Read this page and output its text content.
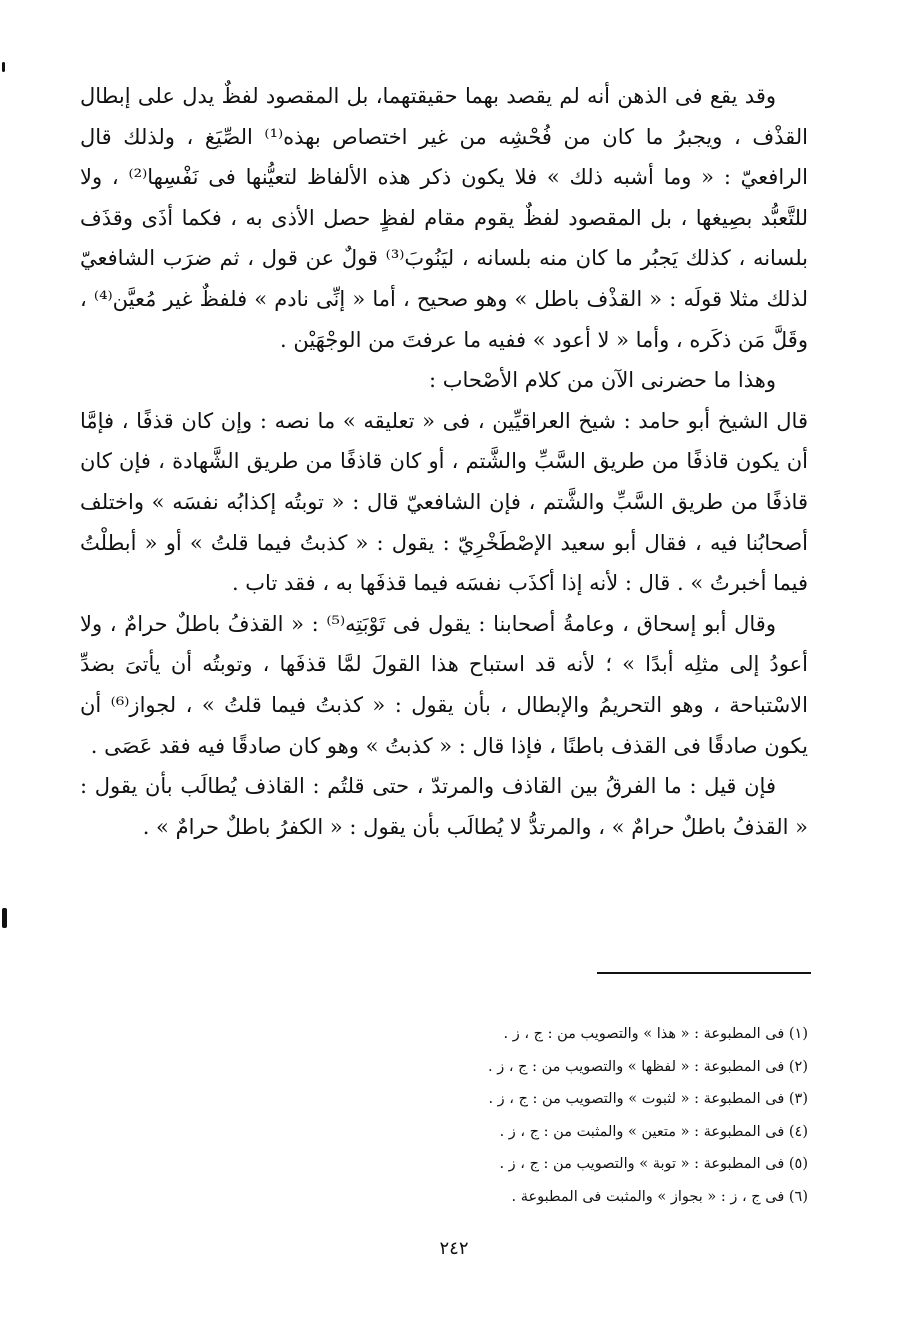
وقد يقع فى الذهن أنه لم يقصد بهما حقيقتهما، بل المقصود لفظٌ يدل على إبطال القذْف ، ويجبرُ ما كان من فُحْشِه من غير اختصاص بهذه⁽¹⁾ الصِّيَغ ، ولذلك قال الرافعيّ : « وما أشبه ذلك » فلا يكون ذكر هذه الألفاظ لتعيُّنها فى نَفْسِها⁽²⁾ ، ولا للتَّعبُّد بصِيغها ، بل المقصود لفظٌ يقوم مقام لفظٍ حصل الأذى به ، فكما أذَى وقذَف بلسانه ، كذلك يَجبُر ما كان منه بلسانه ، ليَنُوبَ⁽³⁾ قولٌ عن قول ، ثم ضرَب الشافعيّ لذلك مثلا قولَه : « القذْف باطل » وهو صحيح ، أما « إنِّى نادم » فلفظٌ غير مُعيَّن⁽⁴⁾ ، وقَلَّ مَن ذكَره ، وأما « لا أعود » ففيه ما عرفتَ من الوجْهَيْن .

وهذا ما حضرنى الآن من كلام الأصْحاب :

قال الشيخ أبو حامد : شيخ العراقيِّين ، فى « تعليقه » ما نصه : وإن كان قذفًا ، فإمَّا أن يكون قاذفًا من طريق السَّبِّ والشَّتم ، أو كان قاذفًا من طريق الشَّهادة ، فإن كان قاذفًا من طريق السَّبِّ والشَّتم ، فإن الشافعيّ قال : « توبتُه إكذابُه نفسَه » واختلف أصحابُنا فيه ، فقال أبو سعيد الإصْطَخْرِيّ : يقول : « كذبتُ فيما قلتُ » أو « أبطلْتُ فيما أخبرتُ » . قال : لأنه إذا أكذَب نفسَه فيما قذفَها به ، فقد تاب .

وقال أبو إسحاق ، وعامةُ أصحابنا : يقول فى تَوْبَتِه⁽⁵⁾ : « القذفُ باطلٌ حرامٌ ، ولا أعودُ إلى مثلِه أبدًا » ؛ لأنه قد استباح هذا القولَ لمَّا قذفَها ، وتوبتُه أن يأتىَ بضدِّ الاسْتباحة ، وهو التحريمُ والإبطال ، بأن يقول : « كذبتُ فيما قلتُ » ، لجواز⁽⁶⁾ أن يكون صادقًا فى القذف باطنًا ، فإذا قال : « كذبتُ » وهو كان صادقًا فيه فقد عَصَى .

فإن قيل : ما الفرقُ بين القاذف والمرتدّ ، حتى قلتُم : القاذف يُطالَب بأن يقول : « القذفُ باطلٌ حرامٌ » ، والمرتدُّ لا يُطالَب بأن يقول : « الكفرُ باطلٌ حرامٌ » .

(١) فى المطبوعة : « هذا » والتصويب من : ج ، ز .
(٢) فى المطبوعة : « لفظها » والتصويب من : ج ، ز .
(٣) فى المطبوعة : « لثبوت » والتصويب من : ج ، ز .
(٤) فى المطبوعة : « متعين » والمثبت من : ج ، ز .
(٥) فى المطبوعة : « توبة » والتصويب من : ج ، ز .
(٦) فى ج ، ز : « بجواز » والمثبت فى المطبوعة .
٢٤٢
